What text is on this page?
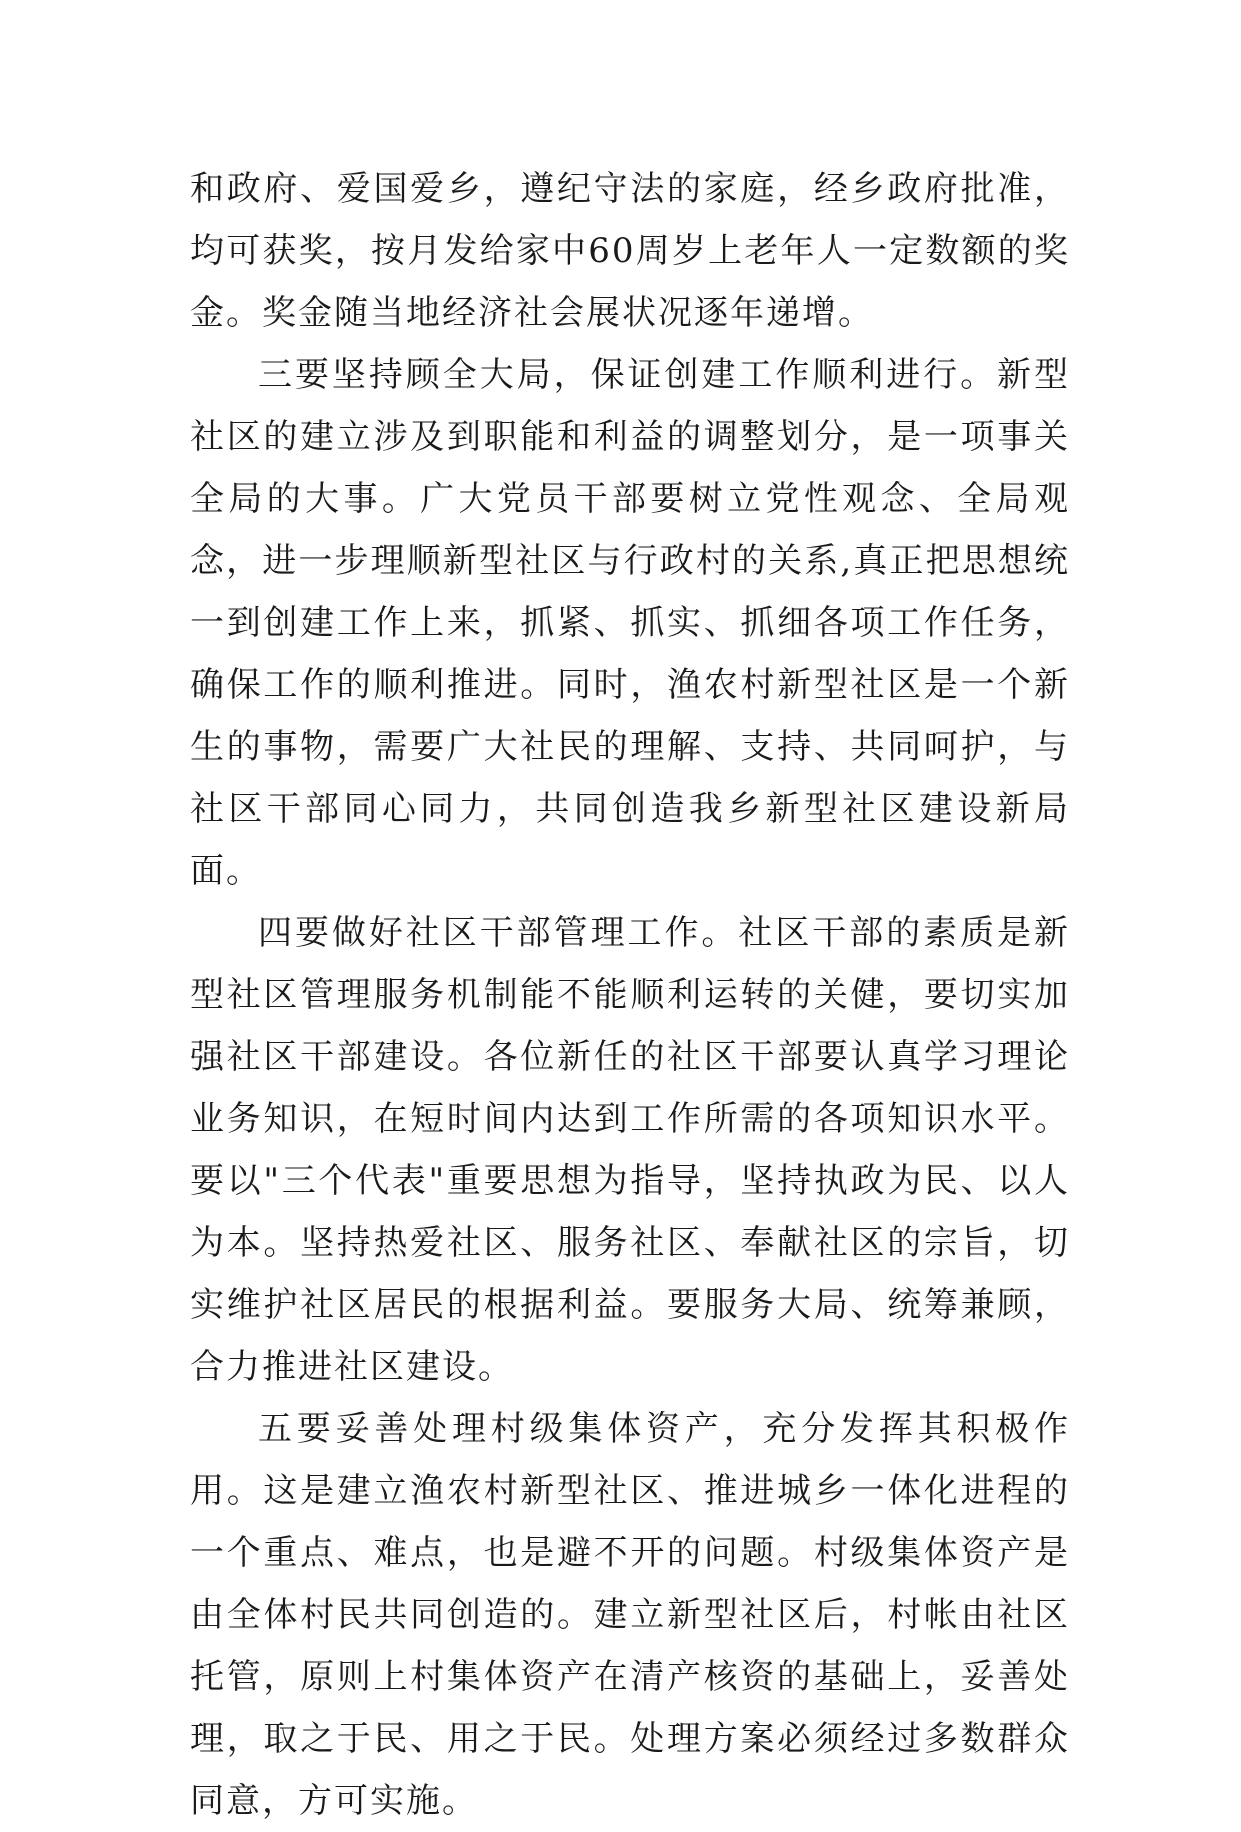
和政府、爱国爱乡，遵纪守法的家庭，经乡政府批准，均可获奖，按月发给家中60周岁上老年人一定数额的奖金。奖金随当地经济社会展状况逐年递增。

三要坚持顾全大局，保证创建工作顺利进行。新型社区的建立涉及到职能和利益的调整划分，是一项事关全局的大事。广大党员干部要树立党性观念、全局观念，进一步理顺新型社区与行政村的关系,真正把思想统一到创建工作上来，抓紧、抓实、抓细各项工作任务，确保工作的顺利推进。同时，渔农村新型社区是一个新生的事物，需要广大社民的理解、支持、共同呵护，与社区干部同心同力，共同创造我乡新型社区建设新局面。

四要做好社区干部管理工作。社区干部的素质是新型社区管理服务机制能不能顺利运转的关健，要切实加强社区干部建设。各位新任的社区干部要认真学习理论业务知识，在短时间内达到工作所需的各项知识水平。要以"三个代表"重要思想为指导，坚持执政为民、以人为本。坚持热爱社区、服务社区、奉献社区的宗旨，切实维护社区居民的根据利益。要服务大局、统筹兼顾，合力推进社区建设。

五要妥善处理村级集体资产，充分发挥其积极作用。这是建立渔农村新型社区、推进城乡一体化进程的一个重点、难点，也是避不开的问题。村级集体资产是由全体村民共同创造的。建立新型社区后，村帐由社区托管，原则上村集体资产在清产核资的基础上，妥善处理，取之于民、用之于民。处理方案必须经过多数群众同意，方可实施。
